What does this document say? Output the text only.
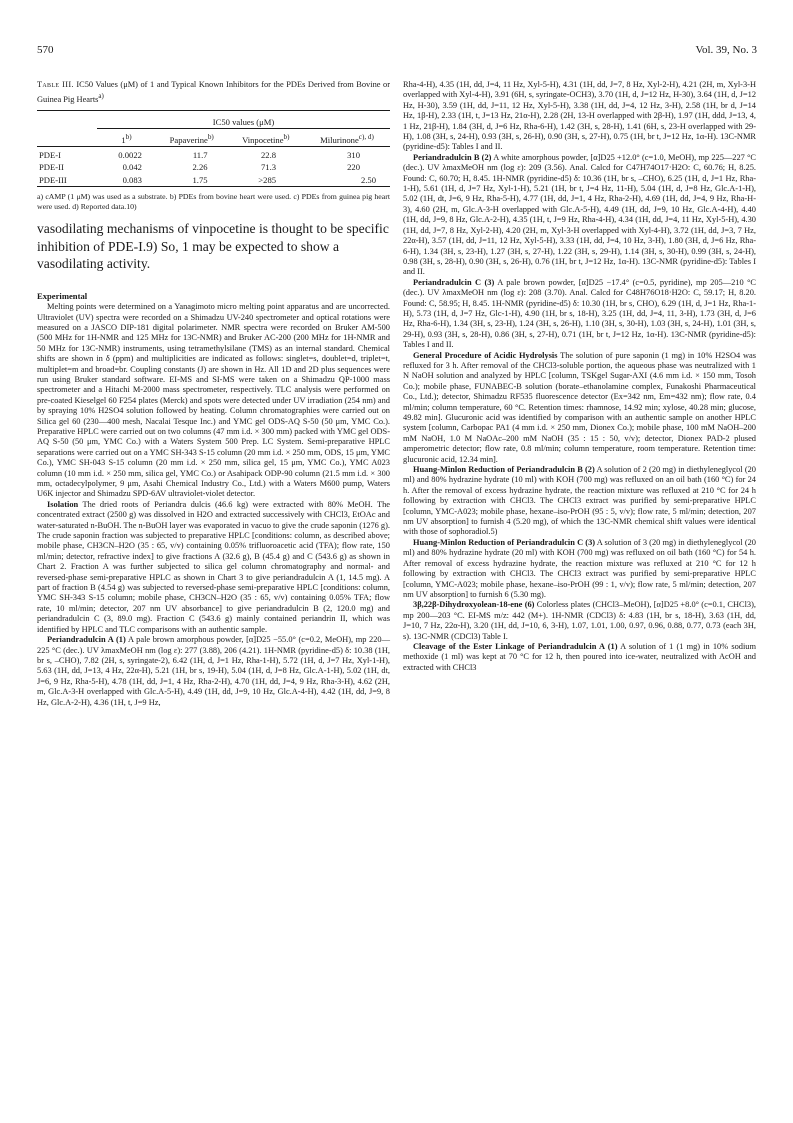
570	Vol. 39, No. 3
Table III. IC50 Values (μM) of 1 and Typical Known Inhibitors for the PDEs Derived from Bovine or Guinea Pig Hearts$^{a)}$

	IC50 values (μM)			

	1$^{b)}$	Papaverine$^{b)}$	Vinpocetine$^{b)}$	Milurinone$^{c), d)}$

PDE-I	0.0022	11.7	22.8	310
PDE-II	0.042	2.26	71.3	220
PDE-III	0.083	1.75	>285	2.50

a) cAMP (1 μM) was used as a substrate. b) PDEs from bovine heart were used. c) PDEs from guinea pig heart were used. d) Reported data.10)
vasodilating mechanisms of vinpocetine is thought to be specific inhibition of PDE-I.9) So, 1 may be expected to show a vasodilating activity.
Experimental

Melting points were determined on a Yanagimoto micro melting point apparatus and are uncorrected. Ultraviolet (UV) spectra were recorded on a Shimadzu UV-240 spectrometer and optical rotations were measured on a JASCO DIP-181 digital polarimeter. NMR spectra were recorded on Bruker AM-500 (500 MHz for 1H-NMR and 125 MHz for 13C-NMR) and Bruker AC-200 (200 MHz for 1H-NMR and 50 MHz for 13C-NMR) instruments, using tetramethylsilane (TMS) as an internal standard. Chemical shifts are shown in δ (ppm) and multiplicities are indicated as follows: singlet=s, doublet=d, triplet=t, multiplet=m and broad=br. Coupling constants (J) are shown in Hz. All 1D and 2D plus sequences were run using Bruker standard software. EI-MS and SI-MS were taken on a Shimadzu QP-1000 mass spectrometer and a Hitachi M-2000 mass spectrometer, respectively. TLC analysis were performed on pre-coated Kieselgel 60 F254 plates (Merck) and spots were detected under UV irradiation (254 nm) and by spraying 10% H2SO4 solution followed by heating. Column chromatographies were carried out on Silica gel 60 (230—400 mesh, Nacalai Tesque Inc.) and YMC gel ODS-AQ S-50 (50 μm, YMC Co.). Preparative HPLC were carried out on two columns (47 mm i.d. × 300 mm) packed with YMC gel ODS-AQ S-50 (50 μm, YMC Co.) with a Waters System 500 Prep. LC System. Semi-preparative HPLC separations were carried out on a YMC SH-343 S-15 column (20 mm i.d. × 250 mm, ODS, 15 μm, YMC Co.), YMC SH-043 S-15 column (20 mm i.d. × 250 mm, silica gel, 15 μm, YMC Co.), YMC A023 column (10 mm i.d. × 250 mm, silica gel, YMC Co.) or Asahipack ODP-90 column (21.5 mm i.d. × 300 mm, octadecylpolymer, 9 μm, Asahi Chemical Industry Co., Ltd.) with a Waters M600 pump, Waters U6K injector and Shimadzu SPD-6AV ultraviolet-violet detector.

Isolation The dried roots of Periandra dulcis (46.6 kg) were extracted with 80% MeOH. The concentrated extract (2500 g) was dissolved in H2O and extracted successively with CHCl3, EtOAc and water-saturated n-BuOH. The n-BuOH layer was evaporated in vacuo to give the crude saponin (1276 g). The crude saponin fraction was subjected to preparative HPLC [conditions: column, as described above; mobile phase, CH3CN–H2O (35 : 65, v/v) containing 0.05% trifluoroacetic acid (TFA); flow rate, 150 ml/min; detector, refractive index] to give fractions A (32.6 g), B (45.4 g) and C (543.6 g) as shown in Chart 2. Fraction A was further subjected to silica gel column chromatography and normal- and reversed-phase semi-preparative HPLC as shown in Chart 3 to give periandradulcin A (1, 14.5 mg). A part of fraction B (4.54 g) was subjected to reversed-phase semi-preparative HPLC [conditions: column, YMC SH-343 S-15 column; mobile phase, CH3CN–H2O (35 : 65, v/v) containing 0.05% TFA; flow rate, 10 ml/min; detector, 207 nm UV absorbance] to give periandradulcin B (2, 120.0 mg) and periandradulcin C (3, 89.0 mg). Fraction C (543.6 g) mainly contained periandrin II, which was identified by HPLC and TLC comparisons with an authentic sample.

Periandradulcin A (1) A pale brown amorphous powder, [α]D25 −55.0° (c=0.2, MeOH), mp 220—225 °C (dec.). UV λmaxMeOH nm (log ε): 277 (3.88), 206 (4.21). 1H-NMR (pyridine-d5) δ: 10.38 (1H, br s, –CHO), 7.82 (2H, s, syringate-2), 6.42 (1H, d, J=1 Hz, Rha-1-H), 5.72 (1H, d, J=7 Hz, Xyl-1-H), 5.63 (1H, dd, J=13, 4 Hz, 22α-H), 5.21 (1H, br s, 19-H), 5.04 (1H, d, J=8 Hz, Glc.A-1-H), 5.02 (1H, dt, J=6, 9 Hz, Rha-5-H), 4.78 (1H, dd, J=1, 4 Hz, Rha-2-H), 4.70 (1H, dd, J=4, 9 Hz, Rha-3-H), 4.62 (2H, m, Glc.A-3-H overlapped with Glc.A-5-H), 4.49 (1H, dd, J=9, 10 Hz, Glc.A-4-H), 4.42 (1H, dd, J=9, 8 Hz, Glc.A-2-H), 4.36 (1H, t, J=9 Hz,

Rha-4-H), 4.35 (1H, dd, J=4, 11 Hz, Xyl-5-H), 4.31 (1H, dd, J=7, 8 Hz, Xyl-2-H), 4.21 (2H, m, Xyl-3-H overlapped with Xyl-4-H), 3.91 (6H, s, syringate-OCH3), 3.70 (1H, d, J=12 Hz, H-30), 3.64 (1H, d, J=12 Hz, H-30), 3.59 (1H, dd, J=11, 12 Hz, Xyl-5-H), 3.38 (1H, dd, J=4, 12 Hz, 3-H), 2.58 (1H, br d, J=14 Hz, 1β-H), 2.33 (1H, t, J=13 Hz, 21α-H), 2.28 (2H, 13-H overlapped with 2β-H), 1.97 (1H, ddd, J=13, 4, 1 Hz, 21β-H), 1.84 (3H, d, J=6 Hz, Rha-6-H), 1.42 (3H, s, 28-H), 1.41 (6H, s, 23-H overlapped with 29-H), 1.08 (3H, s, 24-H), 0.93 (3H, s, 26-H), 0.90 (3H, s, 27-H), 0.75 (1H, br t, J=12 Hz, 1α-H). 13C-NMR (pyridine-d5): Tables I and II.

Periandradulcin B (2) A white amorphous powder, [α]D25 +12.0° (c=1.0, MeOH), mp 225—227 °C (dec.). UV λmaxMeOH nm (log ε): 209 (3.56). Anal. Calcd for C47H74O17·H2O: C, 60.76; H, 8.25. Found: C, 60.70; H, 8.45. 1H-NMR (pyridine-d5) δ: 10.36 (1H, br s, –CHO), 6.25 (1H, d, J=1 Hz, Rha-1-H), 5.61 (1H, d, J=7 Hz, Xyl-1-H), 5.21 (1H, br t, J=4 Hz, 11-H), 5.04 (1H, d, J=8 Hz, Glc.A-1-H), 5.02 (1H, dt, J=6, 9 Hz, Rha-5-H), 4.77 (1H, dd, J=1, 4 Hz, Rha-2-H), 4.69 (1H, dd, J=4, 9 Hz, Rha-H-3), 4.60 (2H, m, Glc.A-3-H overlapped with Glc.A-5-H), 4.49 (1H, dd, J=9, 10 Hz, Glc.A-4-H), 4.40 (1H, dd, J=9, 8 Hz, Glc.A-2-H), 4.35 (1H, t, J=9 Hz, Rha-4-H), 4.34 (1H, dd, J=4, 11 Hz, Xyl-5-H), 4.30 (1H, dd, J=7, 8 Hz, Xyl-2-H), 4.20 (2H, m, Xyl-3-H overlapped with Xyl-4-H), 3.72 (1H, dd, J=3, 7 Hz, 22α-H), 3.57 (1H, dd, J=11, 12 Hz, Xyl-5-H), 3.33 (1H, dd, J=4, 10 Hz, 3-H), 1.80 (3H, d, J=6 Hz, Rha-6-H), 1.34 (3H, s, 23-H), 1.27 (3H, s, 27-H), 1.22 (3H, s, 29-H), 1.14 (3H, s, 30-H), 0.99 (3H, s, 24-H), 0.98 (3H, s, 28-H), 0.90 (3H, s, 26-H), 0.76 (1H, br t, J=12 Hz, 1α-H). 13C-NMR (pyridine-d5): Tables I and II.

Periandradulcin C (3) A pale brown powder, [α]D25 −17.4° (c=0.5, pyridine), mp 205—210 °C (dec.). UV λmaxMeOH nm (log ε): 208 (3.70). Anal. Calcd for C48H76O18·H2O: C, 59.17; H, 8.20. Found: C, 58.95; H, 8.45. 1H-NMR (pyridine-d5) δ: 10.30 (1H, br s, CHO), 6.29 (1H, d, J=1 Hz, Rha-1-H), 5.73 (1H, d, J=7 Hz, Glc-1-H), 4.90 (1H, br s, 18-H), 3.25 (1H, dd, J=4, 11, 3-H), 1.73 (3H, d, J=6 Hz, Rha-6-H), 1.34 (3H, s, 23-H), 1.24 (3H, s, 26-H), 1.10 (3H, s, 30-H), 1.03 (3H, s, 24-H), 1.01 (3H, s, 29-H), 0.93 (3H, s, 28-H), 0.86 (3H, s, 27-H), 0.71 (1H, br t, J=12 Hz, 1α-H). 13C-NMR (pyridine-d5): Tables I and II.

General Procedure of Acidic Hydrolysis The solution of pure saponin (1 mg) in 10% H2SO4 was refluxed for 3 h. After removal of the CHCl3-soluble portion, the aqueous phase was neutralized with 1 N NaOH solution and analyzed by HPLC [column, TSKgel Sugar-AXI (4.6 mm i.d. × 150 mm, Tosoh Co.); mobile phase, FUNABEC-B solution (borate–ethanolamine complex, Funakoshi Pharmaceutical Co., Ltd.); detector, Shimadzu RF535 fluorescence detector (Ex=342 nm, Em=432 nm); flow rate, 0.4 ml/min; column temperature, 60 °C. Retention times: rhamnose, 14.92 min; xylose, 40.28 min; glucose, 49.82 min]. Glucuronic acid was identified by comparison with an authentic sample on another HPLC system [column, Carbopac PA1 (4 mm i.d. × 250 mm, Dionex Co.); mobile phase, 100 mM NaOH–200 mM NaOH, 1.0 M NaOAc–200 mM NaOH (35 : 15 : 50, v/v); detector, Dionex PAD-2 plused amperometric detector; flow rate, 0.8 ml/min; column temperature, room temperature. Retention time: glucuronic acid, 12.34 min].

Huang-Minlon Reduction of Periandradulcin B (2) A solution of 2 (20 mg) in diethyleneglycol (20 ml) and 80% hydrazine hydrate (10 ml) with KOH (700 mg) was refluxed on an oil bath (160 °C) for 24 h. After the removal of excess hydrazine hydrate, the reaction mixture was refluxed at 210 °C for 24 h following by extraction with CHCl3. The CHCl3 extract was purified by semi-preparative HPLC [column, YMC-A023; mobile phase, hexane–iso-PrOH (95 : 5, v/v); flow rate, 5 ml/min; detection, 207 nm UV absorption] to furnish 4 (5.20 mg), of which the 13C-NMR chemical shift values were identical with those of sophoradiol.5)

Huang-Minlon Reduction of Periandradulcin C (3) A solution of 3 (20 mg) in diethyleneglycol (20 ml) and 80% hydrazine hydrate (20 ml) with KOH (700 mg) was refluxed on oil bath (160 °C) for 54 h. After removal of excess hydrazine hydrate, the reaction mixture was refluxed at 210 °C for 12 h following by extraction with CHCl3. The CHCl3 extract was purified by semi-preparative HPLC [column, YMC-A023; mobile phase, hexane–iso-PrOH (99 : 1, v/v); flow rate, 5 ml/min; detection, 207 nm UV absorption] to furnish 6 (5.30 mg).

3β,22β-Dihydroxyolean-18-ene (6) Colorless plates (CHCl3–MeOH), [α]D25 +8.0° (c=0.1, CHCl3), mp 200—203 °C. EI-MS m/z: 442 (M+). 1H-NMR (CDCl3) δ: 4.83 (1H, br s, 18-H), 3.63 (1H, dd, J=10, 7 Hz, 22α-H), 3.20 (1H, dd, J=10, 6, 3-H), 1.07, 1.01, 1.00, 0.97, 0.96, 0.88, 0.77, 0.73 (each 3H, s). 13C-NMR (CDCl3) Table I.

Cleavage of the Ester Linkage of Periandradulcin A (1) A solution of 1 (1 mg) in 10% sodium methoxide (1 ml) was kept at 70 °C for 12 h, then poured into ice-water, neutralized with AcOH and extracted with CHCl3
